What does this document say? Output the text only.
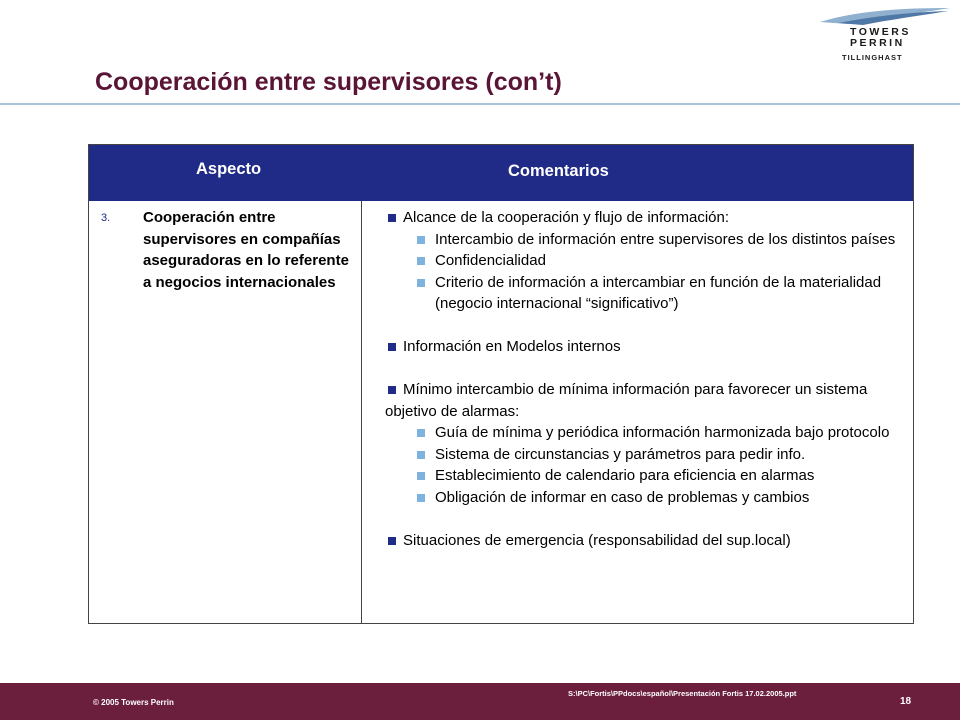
TOWERS
PERRIN
TILLINGHAST
Cooperación entre supervisores (con’t)
Aspecto	Comentarios
3. Cooperación entre supervisores en compañías aseguradoras en lo referente a negocios internacionales
Alcance de la cooperación y flujo de información:
Intercambio de información entre supervisores de los distintos países
Confidencialidad
Criterio de información a intercambiar en función de la materialidad (negocio internacional “significativo”)
Información en Modelos internos
Mínimo intercambio de mínima información para favorecer un sistema objetivo de alarmas:
Guía de mínima y periódica información harmonizada bajo protocolo
Sistema de circunstancias y parámetros para pedir info.
Establecimiento de calendario para eficiencia en alarmas
Obligación de informar en caso de problemas y cambios
Situaciones de emergencia (responsabilidad del sup.local)
© 2005 Towers Perrin
S:\PC\Fortis\PPdocs\español\Presentación Fortis 17.02.2005.ppt
18
